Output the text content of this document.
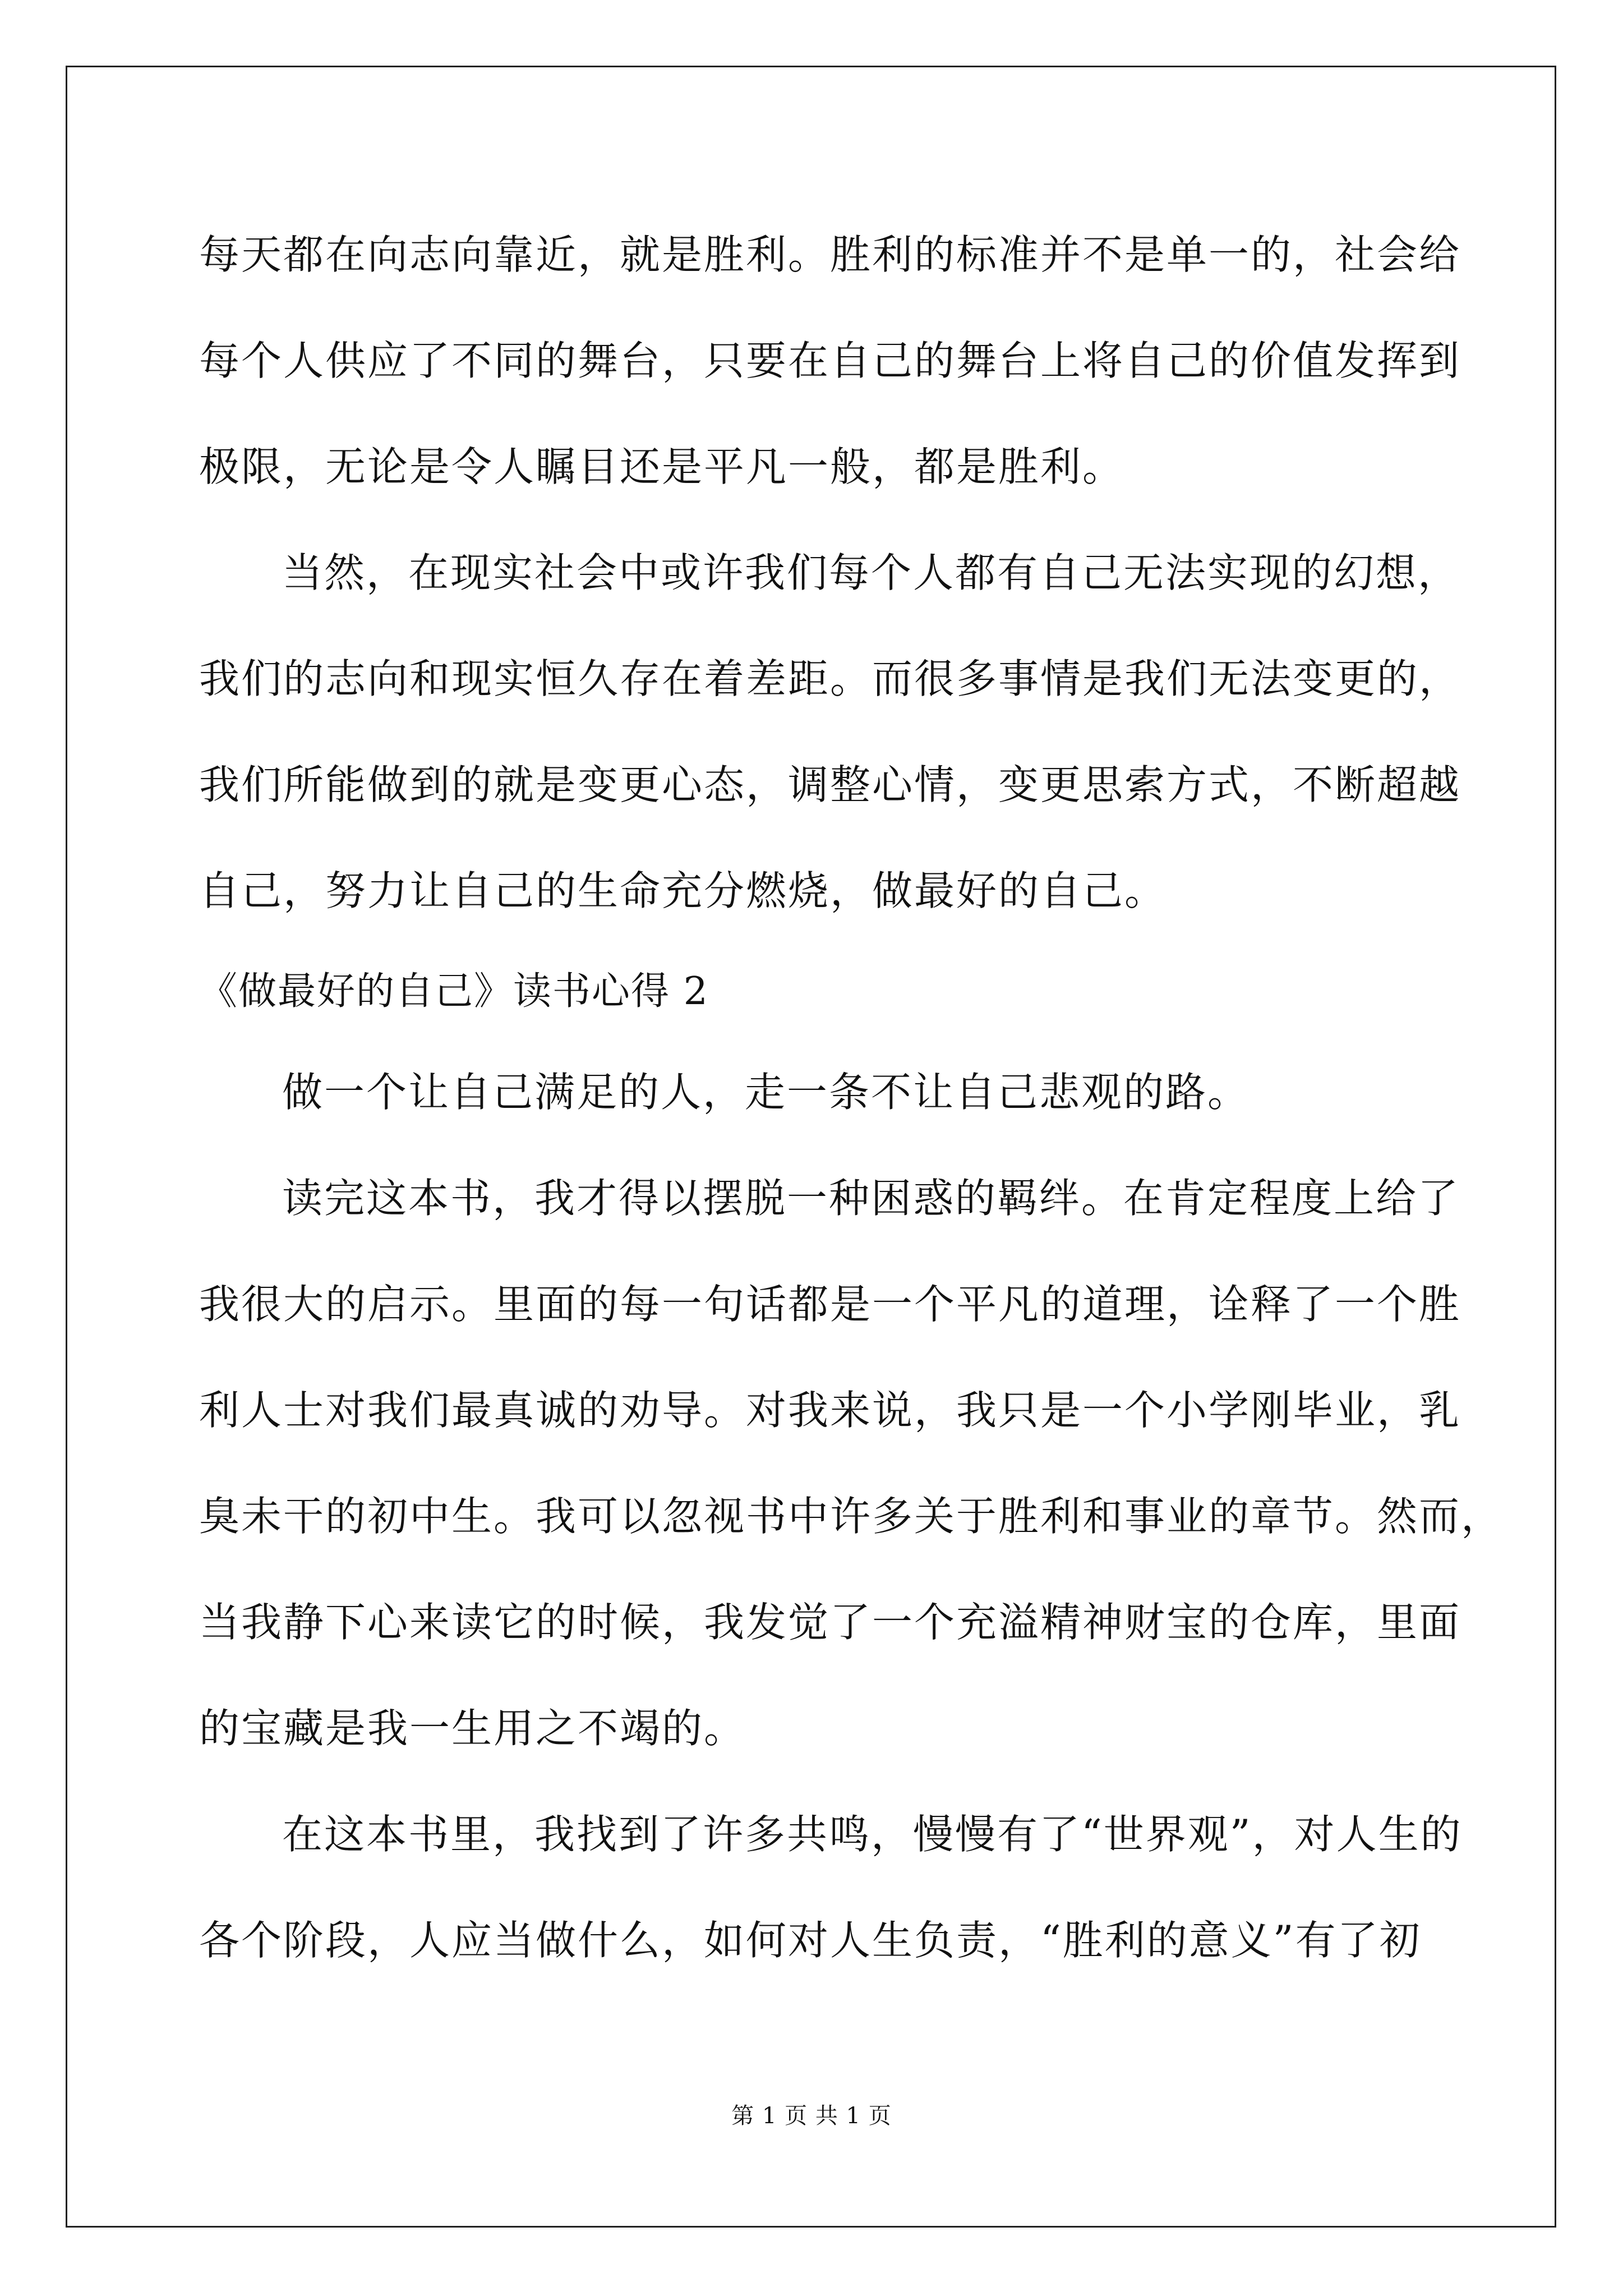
每天都在向志向靠近，就是胜利。胜利的标准并不是单一的，社会给
每个人供应了不同的舞台，只要在自己的舞台上将自己的价值发挥到
极限，无论是令人瞩目还是平凡一般，都是胜利。
当然，在现实社会中或许我们每个人都有自己无法实现的幻想，
我们的志向和现实恒久存在着差距。而很多事情是我们无法变更的，
我们所能做到的就是变更心态，调整心情，变更思索方式，不断超越
自己，努力让自己的生命充分燃烧，做最好的自己。
《做最好的自己》读书心得 2
做一个让自己满足的人，走一条不让自己悲观的路。
读完这本书，我才得以摆脱一种困惑的羁绊。在肯定程度上给了
我很大的启示。里面的每一句话都是一个平凡的道理，诠释了一个胜
利人士对我们最真诚的劝导。对我来说，我只是一个小学刚毕业，乳
臭未干的初中生。我可以忽视书中许多关于胜利和事业的章节。然而，
当我静下心来读它的时候，我发觉了一个充溢精神财宝的仓库，里面
的宝藏是我一生用之不竭的。
在这本书里，我找到了许多共鸣，慢慢有了“世界观”，对人生的
各个阶段，人应当做什么，如何对人生负责，“胜利的意义”有了初
第 1 页 共 1 页
